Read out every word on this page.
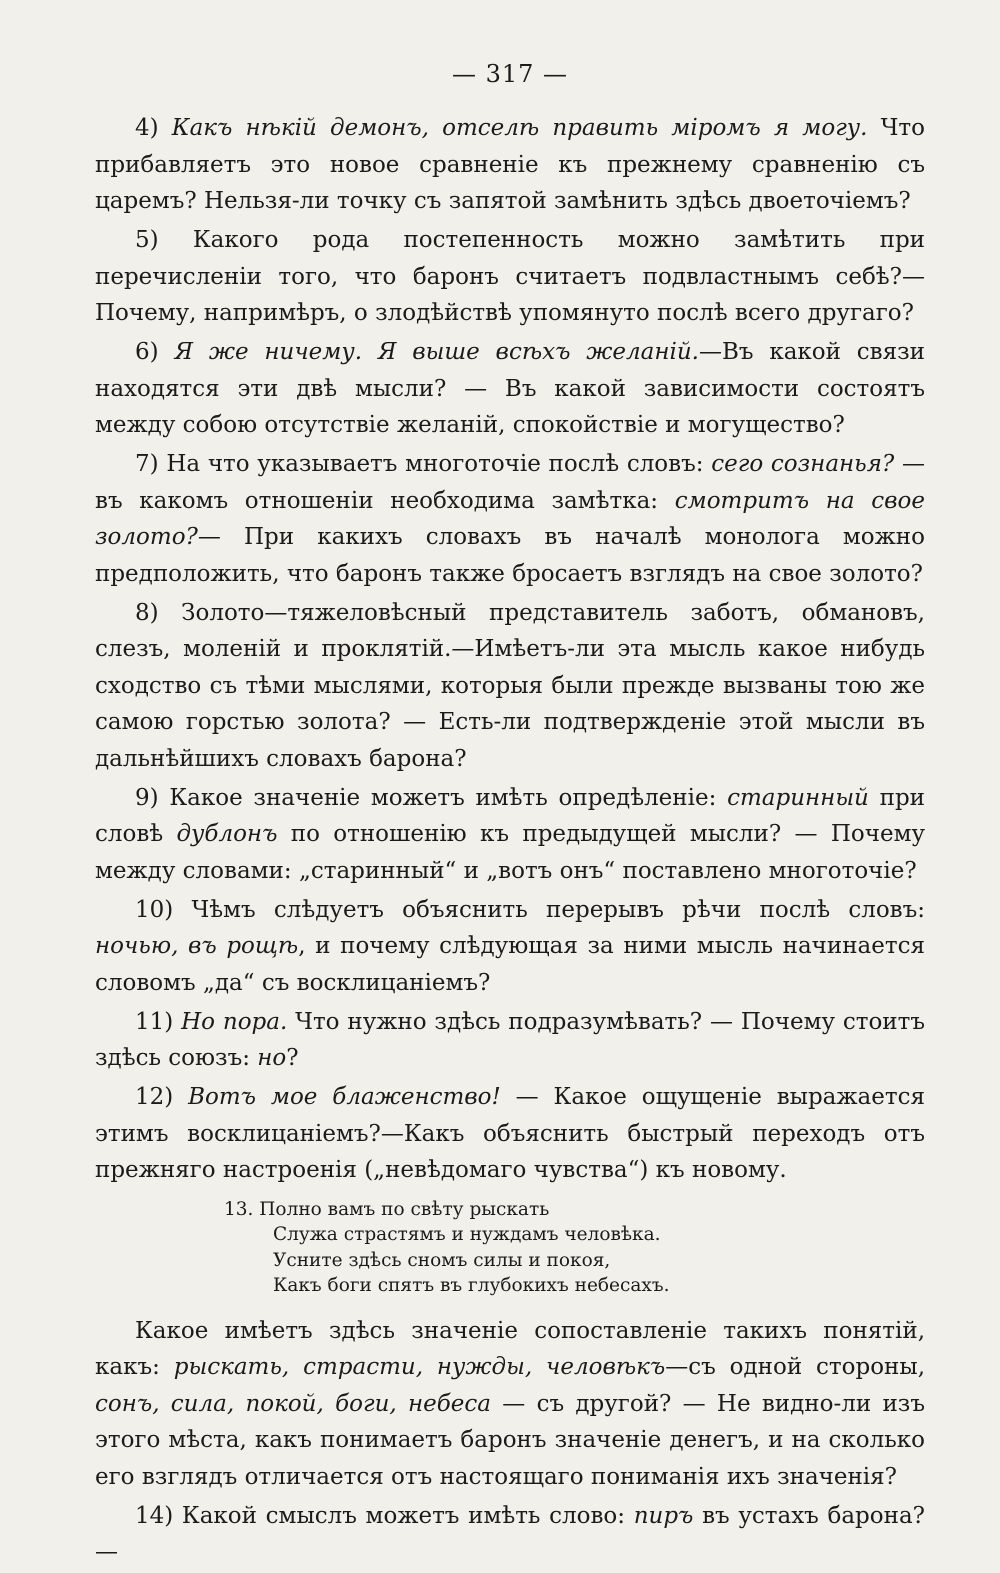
— 317 —

4) Какъ нѣкій демонъ, отселѣ править міромъ я могу. Что прибавляетъ это новое сравненіе къ прежнему сравненію съ царемъ? Нельзя-ли точку съ запятой замѣнить здѣсь двоеточіемъ?

5) Какого рода постепенность можно замѣтить при перечисленіи того, что баронъ считаетъ подвластнымъ себѣ?—Почему, напримѣръ, о злодѣйствѣ упомянуто послѣ всего другаго?

6) Я же ничему. Я выше всѣхъ желаній.—Въ какой связи находятся эти двѣ мысли? — Въ какой зависимости состоятъ между собою отсутствіе желаній, спокойствіе и могущество?

7) На что указываетъ многоточіе послѣ словъ: сего сознанья? — въ какомъ отношеніи необходима замѣтка: смотритъ на свое золото?— При какихъ словахъ въ началѣ монолога можно предположить, что баронъ также бросаетъ взглядъ на свое золото?

8) Золото—тяжеловѣсный представитель заботъ, обмановъ, слезъ, моленій и проклятій.—Имѣетъ-ли эта мысль какое нибудь сходство съ тѣми мыслями, которыя были прежде вызваны тою же самою горстью золота? — Есть-ли подтвержденіе этой мысли въ дальнѣйшихъ словахъ барона?

9) Какое значеніе можетъ имѣть опредѣленіе: старинный при словѣ дублонъ по отношенію къ предыдущей мысли? — Почему между словами: „старинный“ и „вотъ онъ“ поставлено многоточіе?

10) Чѣмъ слѣдуетъ объяснить перерывъ рѣчи послѣ словъ: ночью, въ рощѣ, и почему слѣдующая за ними мысль начинается словомъ „да“ съ восклицаніемъ?

11) Но пора. Что нужно здѣсь подразумѣвать? — Почему стоитъ здѣсь союзъ: но?

12) Вотъ мое блаженство! — Какое ощущеніе выражается этимъ восклицаніемъ?—Какъ объяснить быстрый переходъ отъ прежняго настроенія („невѣдомаго чувства“) къ новому.

13. Полно вамъ по свѣту рыскать
Служа страстямъ и нуждамъ человѣка.
Усните здѣсь сномъ силы и покоя,
Какъ боги спятъ въ глубокихъ небесахъ.

Какое имѣетъ здѣсь значеніе сопоставленіе такихъ понятій, какъ: рыскать, страсти, нужды, человѣкъ—съ одной стороны, сонъ, сила, покой, боги, небеса — съ другой? — Не видно-ли изъ этого мѣста, какъ понимаетъ баронъ значеніе денегъ, и на сколько его взглядъ отличается отъ настоящаго пониманія ихъ значенія?

14) Какой смыслъ можетъ имѣть слово: пиръ въ устахъ барона?—
